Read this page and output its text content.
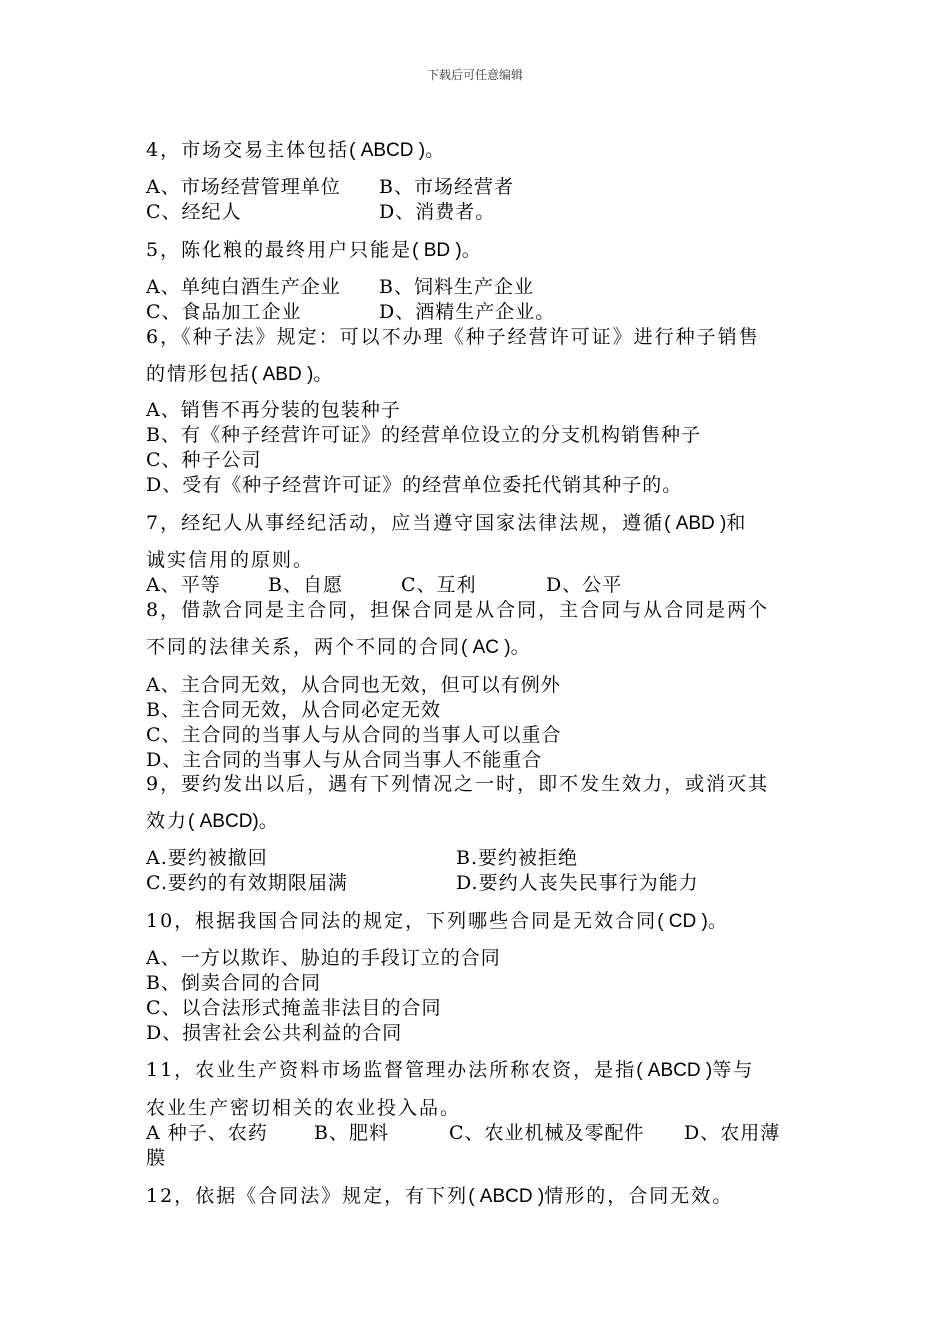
下载后可任意编辑
4，市场交易主体包括( ABCD )。
A、市场经营管理单位 B、市场经营者
C、经纪人	D、消费者。
5，陈化粮的最终用户只能是( BD )。
A、单纯白酒生产企业 B、饲料生产企业
C、食品加工企业	D、酒精生产企业。
6，《种子法》规定：可以不办理《种子经营许可证》进行种子销售
的情形包括( ABD )。
A、销售不再分装的包装种子
B、有《种子经营许可证》的经营单位设立的分支机构销售种子
C、种子公司
D、受有《种子经营许可证》的经营单位委托代销其种子的。
7，经纪人从事经纪活动，应当遵守国家法律法规，遵循( ABD )和
诚实信用的原则。
A、平等 B、自愿	C、互利	D、公平
8，借款合同是主合同，担保合同是从合同，主合同与从合同是两个
不同的法律关系，两个不同的合同( AC )。
A、主合同无效，从合同也无效，但可以有例外
B、主合同无效，从合同必定无效
C、主合同的当事人与从合同的当事人可以重合
D、主合同的当事人与从合同当事人不能重合
9，要约发出以后，遇有下列情况之一时，即不发生效力，或消灭其
效力( ABCD)。
A.要约被撤回	B.要约被拒绝
C.要约的有效期限届满	D.要约人丧失民事行为能力
10，根据我国合同法的规定，下列哪些合同是无效合同( CD )。
A、一方以欺诈、胁迫的手段订立的合同
B、倒卖合同的合同
C、以合法形式掩盖非法目的合同
D、损害社会公共利益的合同
11，农业生产资料市场监督管理办法所称农资，是指( ABCD )等与
农业生产密切相关的农业投入品。
A 种子、农药 B、肥料	C、农业机械及零配件 D、农用薄
膜
12，依据《合同法》规定，有下列( ABCD )情形的，合同无效。
